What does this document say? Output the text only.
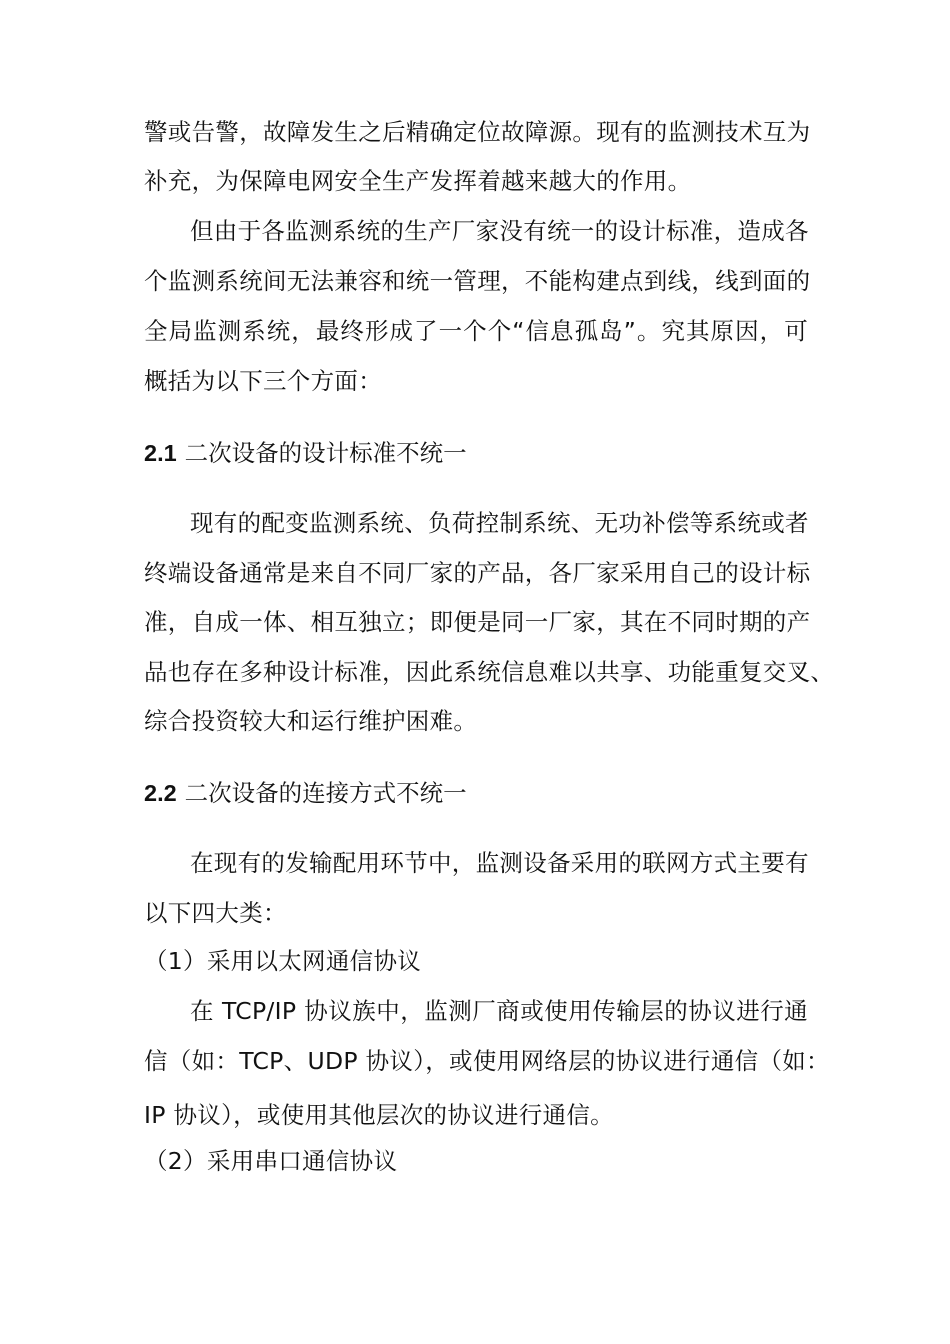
警或告警，故障发生之后精确定位故障源。现有的监测技术互为
补充，为保障电网安全生产发挥着越来越大的作用。
但由于各监测系统的生产厂家没有统一的设计标准，造成各
个监测系统间无法兼容和统一管理，不能构建点到线，线到面的
全局监测系统，最终形成了一个个“信息孤岛”。究其原因，可
概括为以下三个方面：
2.1 二次设备的设计标准不统一
现有的配变监测系统、负荷控制系统、无功补偿等系统或者
终端设备通常是来自不同厂家的产品，各厂家采用自己的设计标
准，自成一体、相互独立；即便是同一厂家，其在不同时期的产
品也存在多种设计标准，因此系统信息难以共享、功能重复交叉、
综合投资较大和运行维护困难。
2.2 二次设备的连接方式不统一
在现有的发输配用环节中，监测设备采用的联网方式主要有
以下四大类：
（1）采用以太网通信协议
在 TCP/IP 协议族中，监测厂商或使用传输层的协议进行通
信（如：TCP、UDP 协议），或使用网络层的协议进行通信（如：
IP 协议），或使用其他层次的协议进行通信。
（2）采用串口通信协议
